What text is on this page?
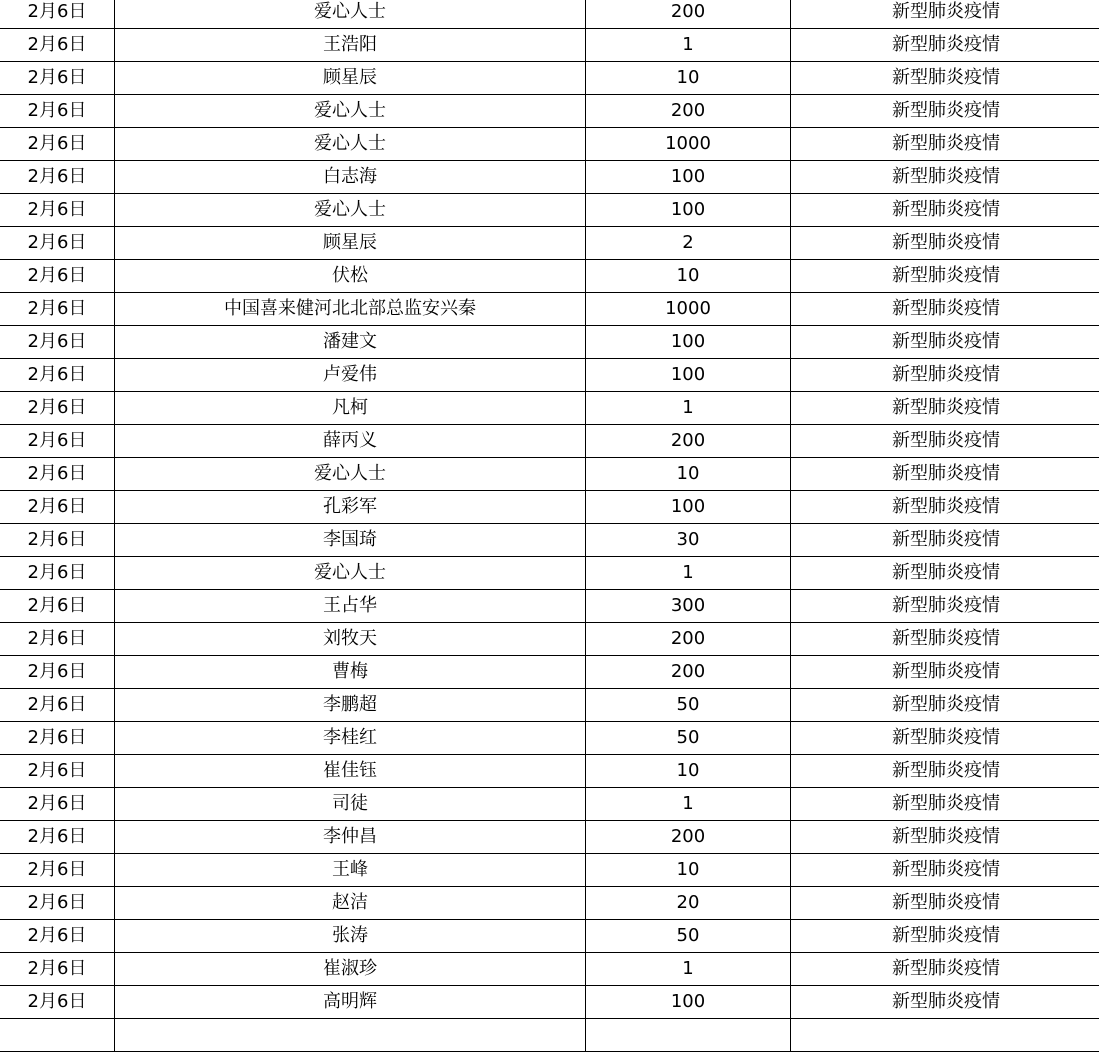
2月6日	爱心人士	200	新型肺炎疫情
2月6日	王浩阳	1	新型肺炎疫情
2月6日	顾星辰	10	新型肺炎疫情
2月6日	爱心人士	200	新型肺炎疫情
2月6日	爱心人士	1000	新型肺炎疫情
2月6日	白志海	100	新型肺炎疫情
2月6日	爱心人士	100	新型肺炎疫情
2月6日	顾星辰	2	新型肺炎疫情
2月6日	伏松	10	新型肺炎疫情
2月6日	中国喜来健河北北部总监安兴秦	1000	新型肺炎疫情
2月6日	潘建文	100	新型肺炎疫情
2月6日	卢爱伟	100	新型肺炎疫情
2月6日	凡柯	1	新型肺炎疫情
2月6日	薛丙义	200	新型肺炎疫情
2月6日	爱心人士	10	新型肺炎疫情
2月6日	孔彩军	100	新型肺炎疫情
2月6日	李国琦	30	新型肺炎疫情
2月6日	爱心人士	1	新型肺炎疫情
2月6日	王占华	300	新型肺炎疫情
2月6日	刘牧天	200	新型肺炎疫情
2月6日	曹梅	200	新型肺炎疫情
2月6日	李鹏超	50	新型肺炎疫情
2月6日	李桂红	50	新型肺炎疫情
2月6日	崔佳钰	10	新型肺炎疫情
2月6日	司徒	1	新型肺炎疫情
2月6日	李仲昌	200	新型肺炎疫情
2月6日	王峰	10	新型肺炎疫情
2月6日	赵洁	20	新型肺炎疫情
2月6日	张涛	50	新型肺炎疫情
2月6日	崔淑珍	1	新型肺炎疫情
2月6日	高明辉	100	新型肺炎疫情
